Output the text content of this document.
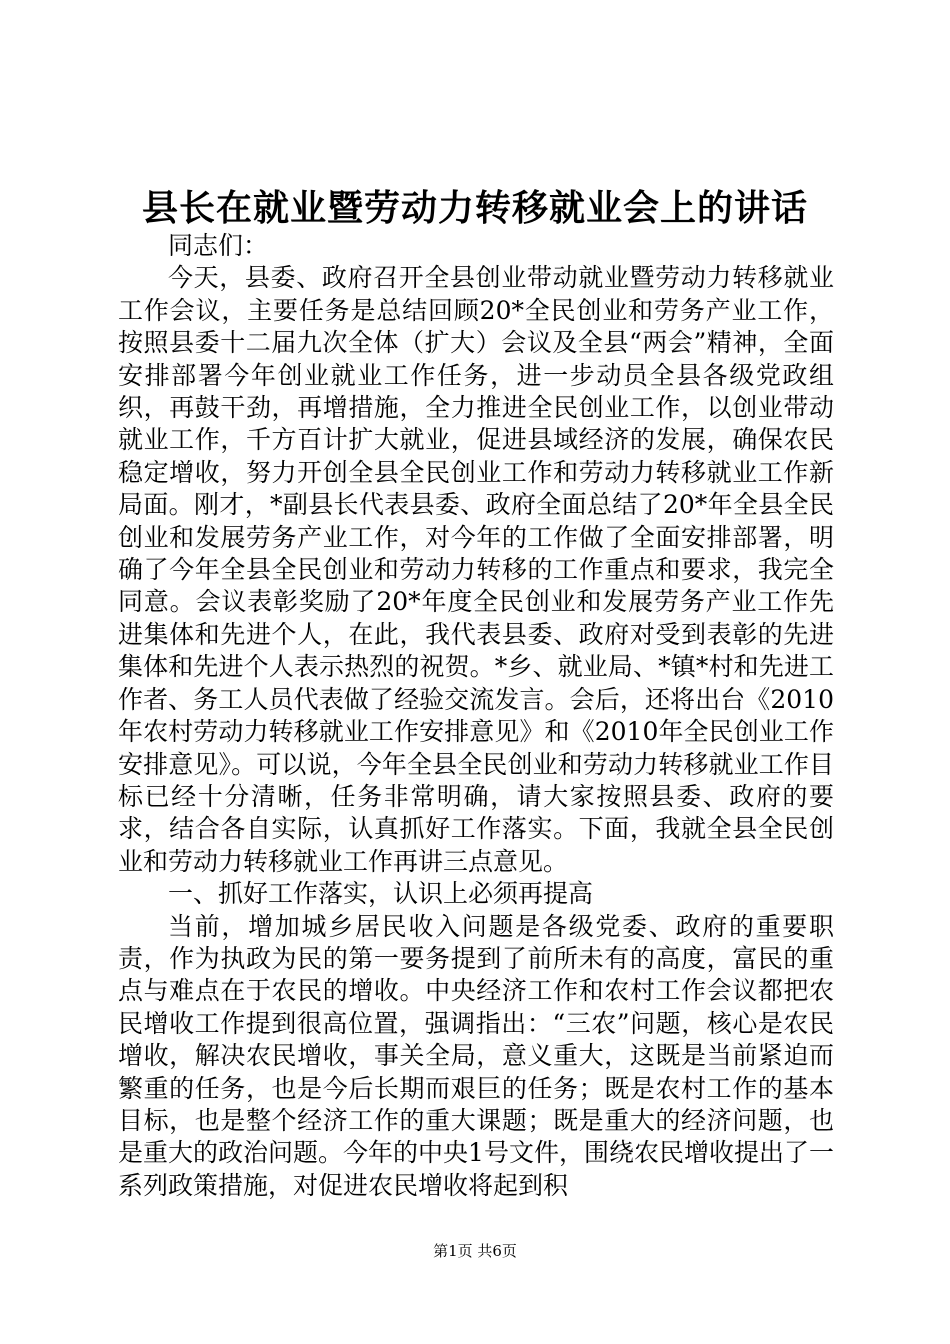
县长在就业暨劳动力转移就业会上的讲话

同志们：

今天，县委、政府召开全县创业带动就业暨劳动力转移就业工作会议，主要任务是总结回顾20*全民创业和劳务产业工作，按照县委十二届九次全体（扩大）会议及全县“两会”精神，全面安排部署今年创业就业工作任务，进一步动员全县各级党政组织，再鼓干劲，再增措施，全力推进全民创业工作，以创业带动就业工作，千方百计扩大就业，促进县域经济的发展，确保农民稳定增收，努力开创全县全民创业工作和劳动力转移就业工作新局面。刚才，*副县长代表县委、政府全面总结了20*年全县全民创业和发展劳务产业工作，对今年的工作做了全面安排部署，明确了今年全县全民创业和劳动力转移的工作重点和要求，我完全同意。会议表彰奖励了20*年度全民创业和发展劳务产业工作先进集体和先进个人，在此，我代表县委、政府对受到表彰的先进集体和先进个人表示热烈的祝贺。*乡、就业局、*镇*村和先进工作者、务工人员代表做了经验交流发言。会后，还将出台《2010年农村劳动力转移就业工作安排意见》和《2010年全民创业工作安排意见》。可以说，今年全县全民创业和劳动力转移就业工作目标已经十分清晰，任务非常明确，请大家按照县委、政府的要求，结合各自实际，认真抓好工作落实。下面，我就全县全民创业和劳动力转移就业工作再讲三点意见。

一、抓好工作落实，认识上必须再提高

当前，增加城乡居民收入问题是各级党委、政府的重要职责，作为执政为民的第一要务提到了前所未有的高度，富民的重点与难点在于农民的增收。中央经济工作和农村工作会议都把农民增收工作提到很高位置，强调指出：“三农”问题，核心是农民增收，解决农民增收，事关全局，意义重大，这既是当前紧迫而繁重的任务，也是今后长期而艰巨的任务；既是农村工作的基本目标，也是整个经济工作的重大课题；既是重大的经济问题，也是重大的政治问题。今年的中央1号文件，围绕农民增收提出了一系列政策措施，对促进农民增收将起到积

第1页 共6页
